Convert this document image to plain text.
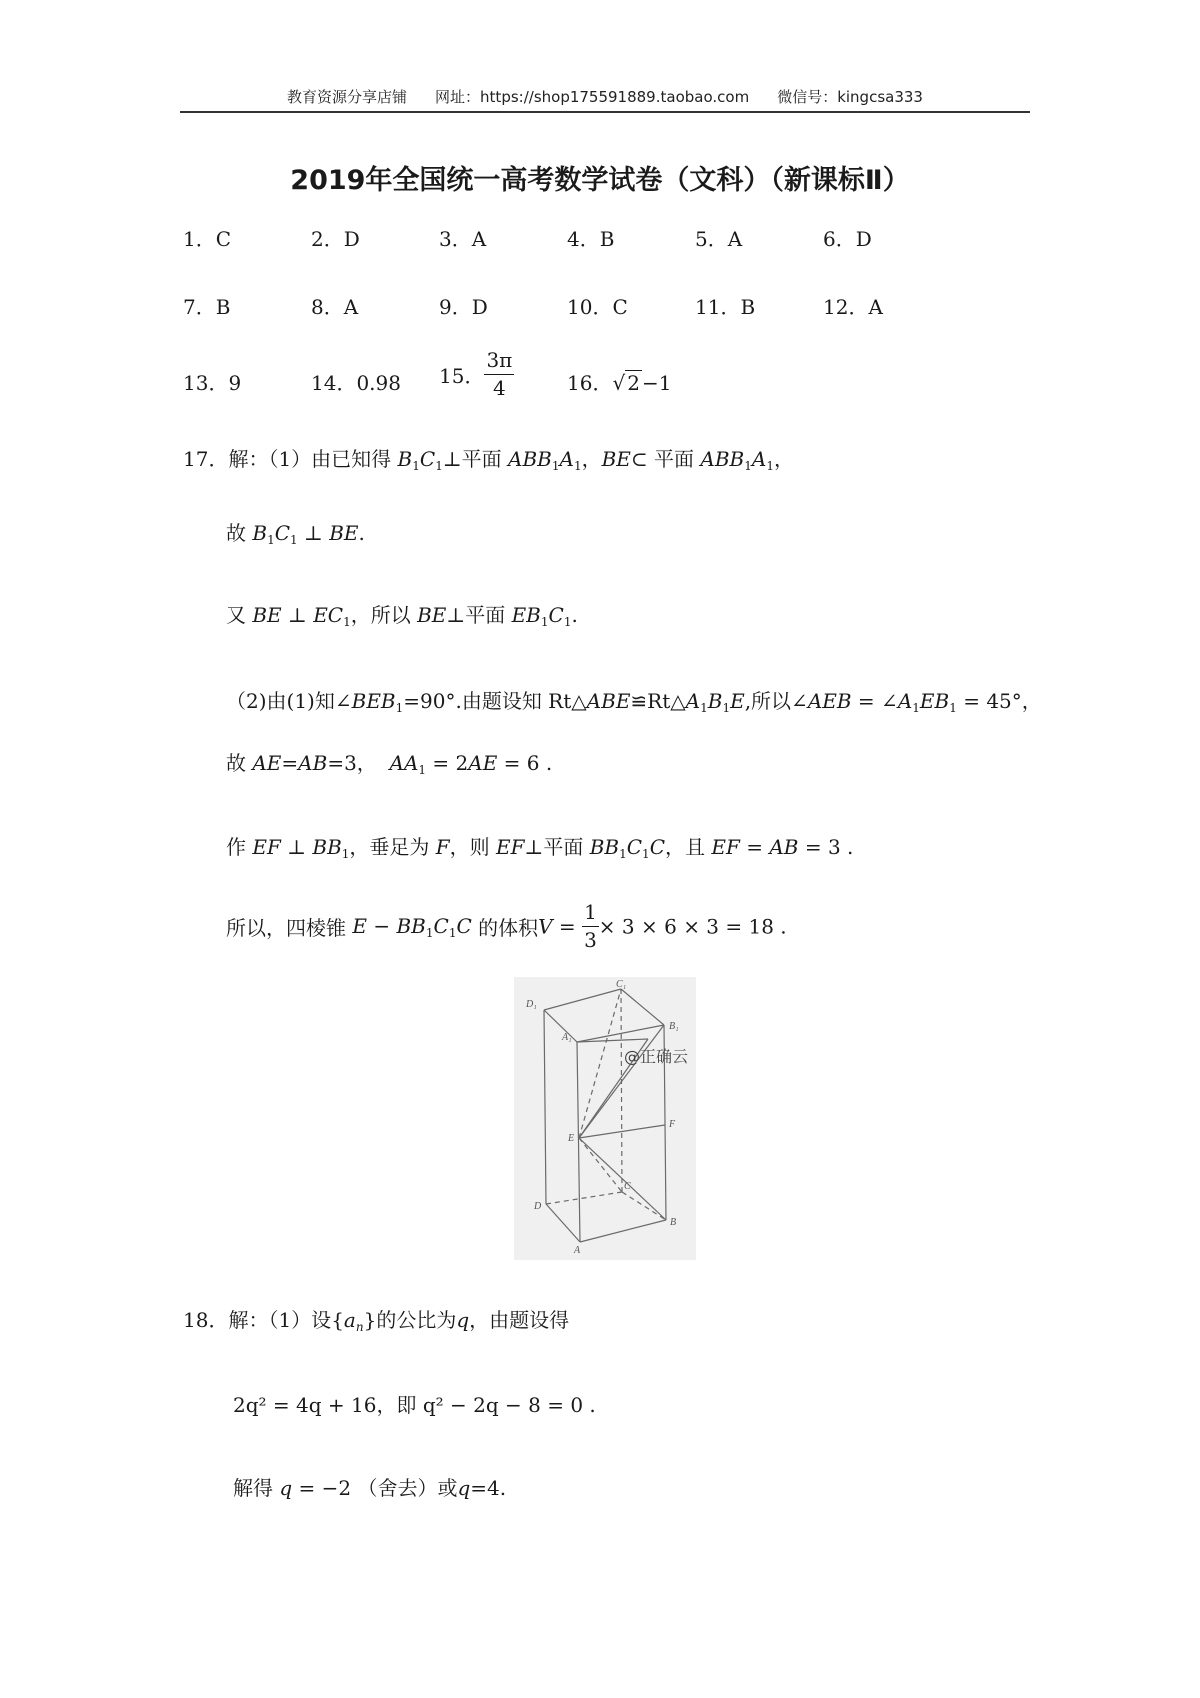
教育资源分享店铺 网址：https://shop175591889.taobao.com 微信号：kingcsa333
2019年全国统一高考数学试卷（文科）（新课标Ⅱ）
1．C	2．D	3．A	4．B	5．A	6．D
7．B	8．A	9．D	10．C	11．B	12．A
13．9	14．0.98 15． $\frac{3\pi}{4}$	16．√ 2 −1
17．解：（1）由已知得 $B_1C_1\perp$平面 $ABB_1A_1$，BE⊂ 平面 $ABB_1A_1$，
故 $B_1C_1$ ⊥ BE.
又 BE ⊥ $EC_1$，所以 BE⊥平面 $EB_1C_1$.
（2)由(1)知$\angle BEB_1=90^\circ$.由题设知 $Rt\triangle ABE≌Rt\triangle A_1B_1E$,所以∠AEB = $\angle A_1EB_1 = 45^\circ$，
故 AE=AB=3， $AA_1 = 2AE = 6$ .
作 EF ⊥ $BB_1$，垂足为 F，则 EF⊥平面 $BB_1C_1C$，且 EF = AB = 3 .
所以，四棱锥 $E - BB_1C_1C$ 的体积$V = \frac{1}{3} \times 3 \times 6 \times 3 = 18$ .
D₁
C₁
B₁
A₁
E
F
C
D
B
A
@正确云
18．解：（1）设$\{a_n\}$的公比为q，由题设得
2q² = 4q + 16，即 q² − 2q − 8 = 0 .
解得 q = −2 （舍去）或q=4.
